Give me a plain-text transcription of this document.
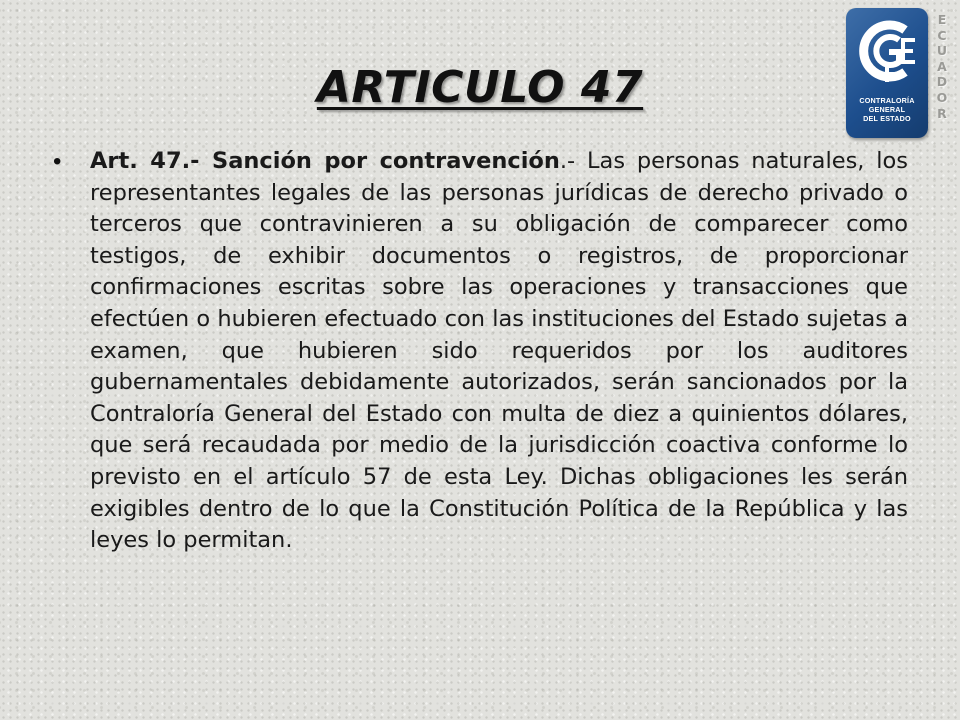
ARTICULO 47	CONTRALORÍA
GENERAL
DEL ESTADO
E
C
U
A
D
O
R
• Art. 47.- Sanción por contravención.- Las personas naturales, los representantes legales de las personas jurídicas de derecho privado o terceros que contravinieren a su obligación de comparecer como testigos, de exhibir documentos o registros, de proporcionar confirmaciones escritas sobre las operaciones y transacciones que efectúen o hubieren efectuado con las instituciones del Estado sujetas a examen, que hubieren sido requeridos por los auditores gubernamentales debidamente autorizados, serán sancionados por la Contraloría General del Estado con multa de diez a quinientos dólares, que será recaudada por medio de la jurisdicción coactiva conforme lo previsto en el artículo 57 de esta Ley. Dichas obligaciones les serán exigibles dentro de lo que la Constitución Política de la República y las leyes lo permitan.
